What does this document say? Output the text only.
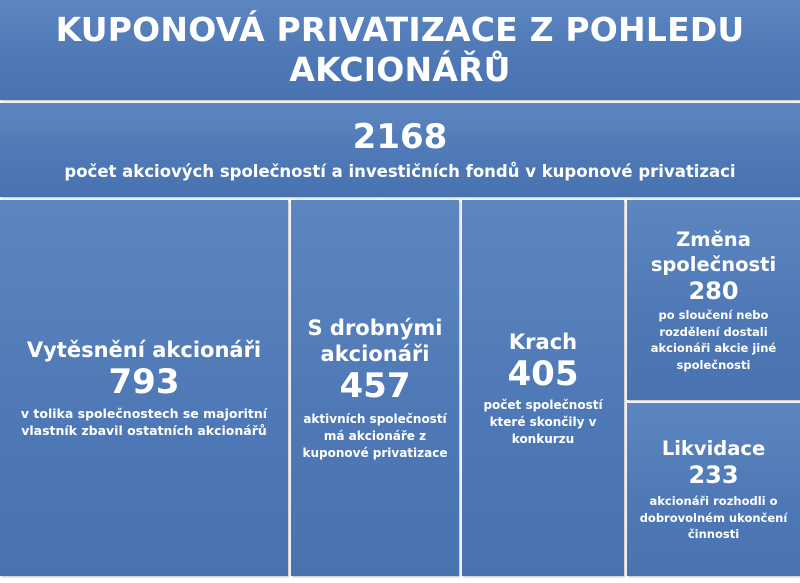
KUPONOVÁ PRIVATIZACE Z POHLEDU AKCIONÁŘŮ
2168
počet akciových společností a investičních fondů v kuponové privatizaci
Vytěsnění akcionáři
793
v tolika společnostech se majoritní vlastník zbavil ostatních akcionářů
S drobnými akcionáři
457
aktivních společností má akcionáře z kuponové privatizace
Krach
405
počet společností které skončily v konkurzu
Změna společnosti
280
po sloučení nebo rozdělení dostali akcionáři akcie jiné společnosti
Likvidace
233
akcionáři rozhodli o dobrovolném ukončení činnosti
